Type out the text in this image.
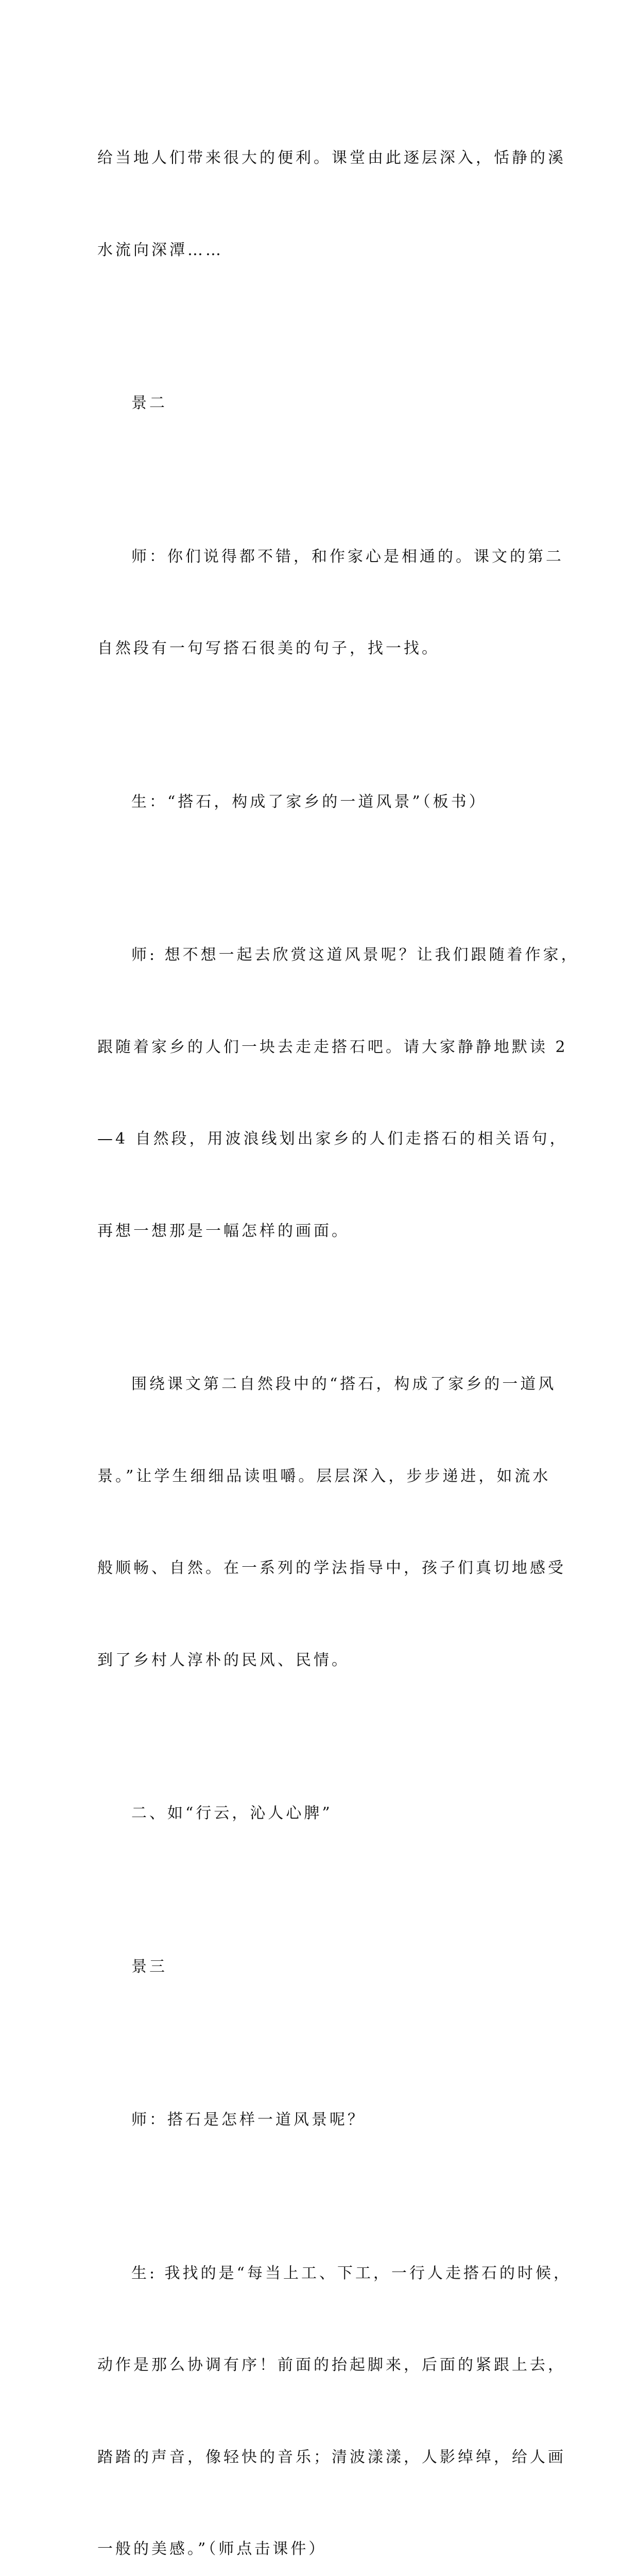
给当地人们带来很大的便利。课堂由此逐层深入，恬静的溪

水流向深潭……

景二

师：你们说得都不错，和作家心是相通的。课文的第二

自然段有一句写搭石很美的句子，找一找。

生：“搭石，构成了家乡的一道风景”（板书）

师: 想不想一起去欣赏这道风景呢？让我们跟随着作家，

跟随着家乡的人们一块去走走搭石吧。请大家静静地默读 2

—4 自然段，用波浪线划出家乡的人们走搭石的相关语句，

再想一想那是一幅怎样的画面。

围绕课文第二自然段中的“搭石，构成了家乡的一道风

景。”让学生细细品读咀嚼。层层深入，步步递进，如流水

般顺畅、自然。在一系列的学法指导中，孩子们真切地感受

到了乡村人淳朴的民风、民情。

二、如“行云，沁人心脾”

景三

师：搭石是怎样一道风景呢？

生: 我找的是“每当上工、下工，一行人走搭石的时候，

动作是那么协调有序！前面的抬起脚来，后面的紧跟上去，

踏踏的声音，像轻快的音乐；清波漾漾，人影绰绰，给人画

一般的美感。”（师点击课件）
